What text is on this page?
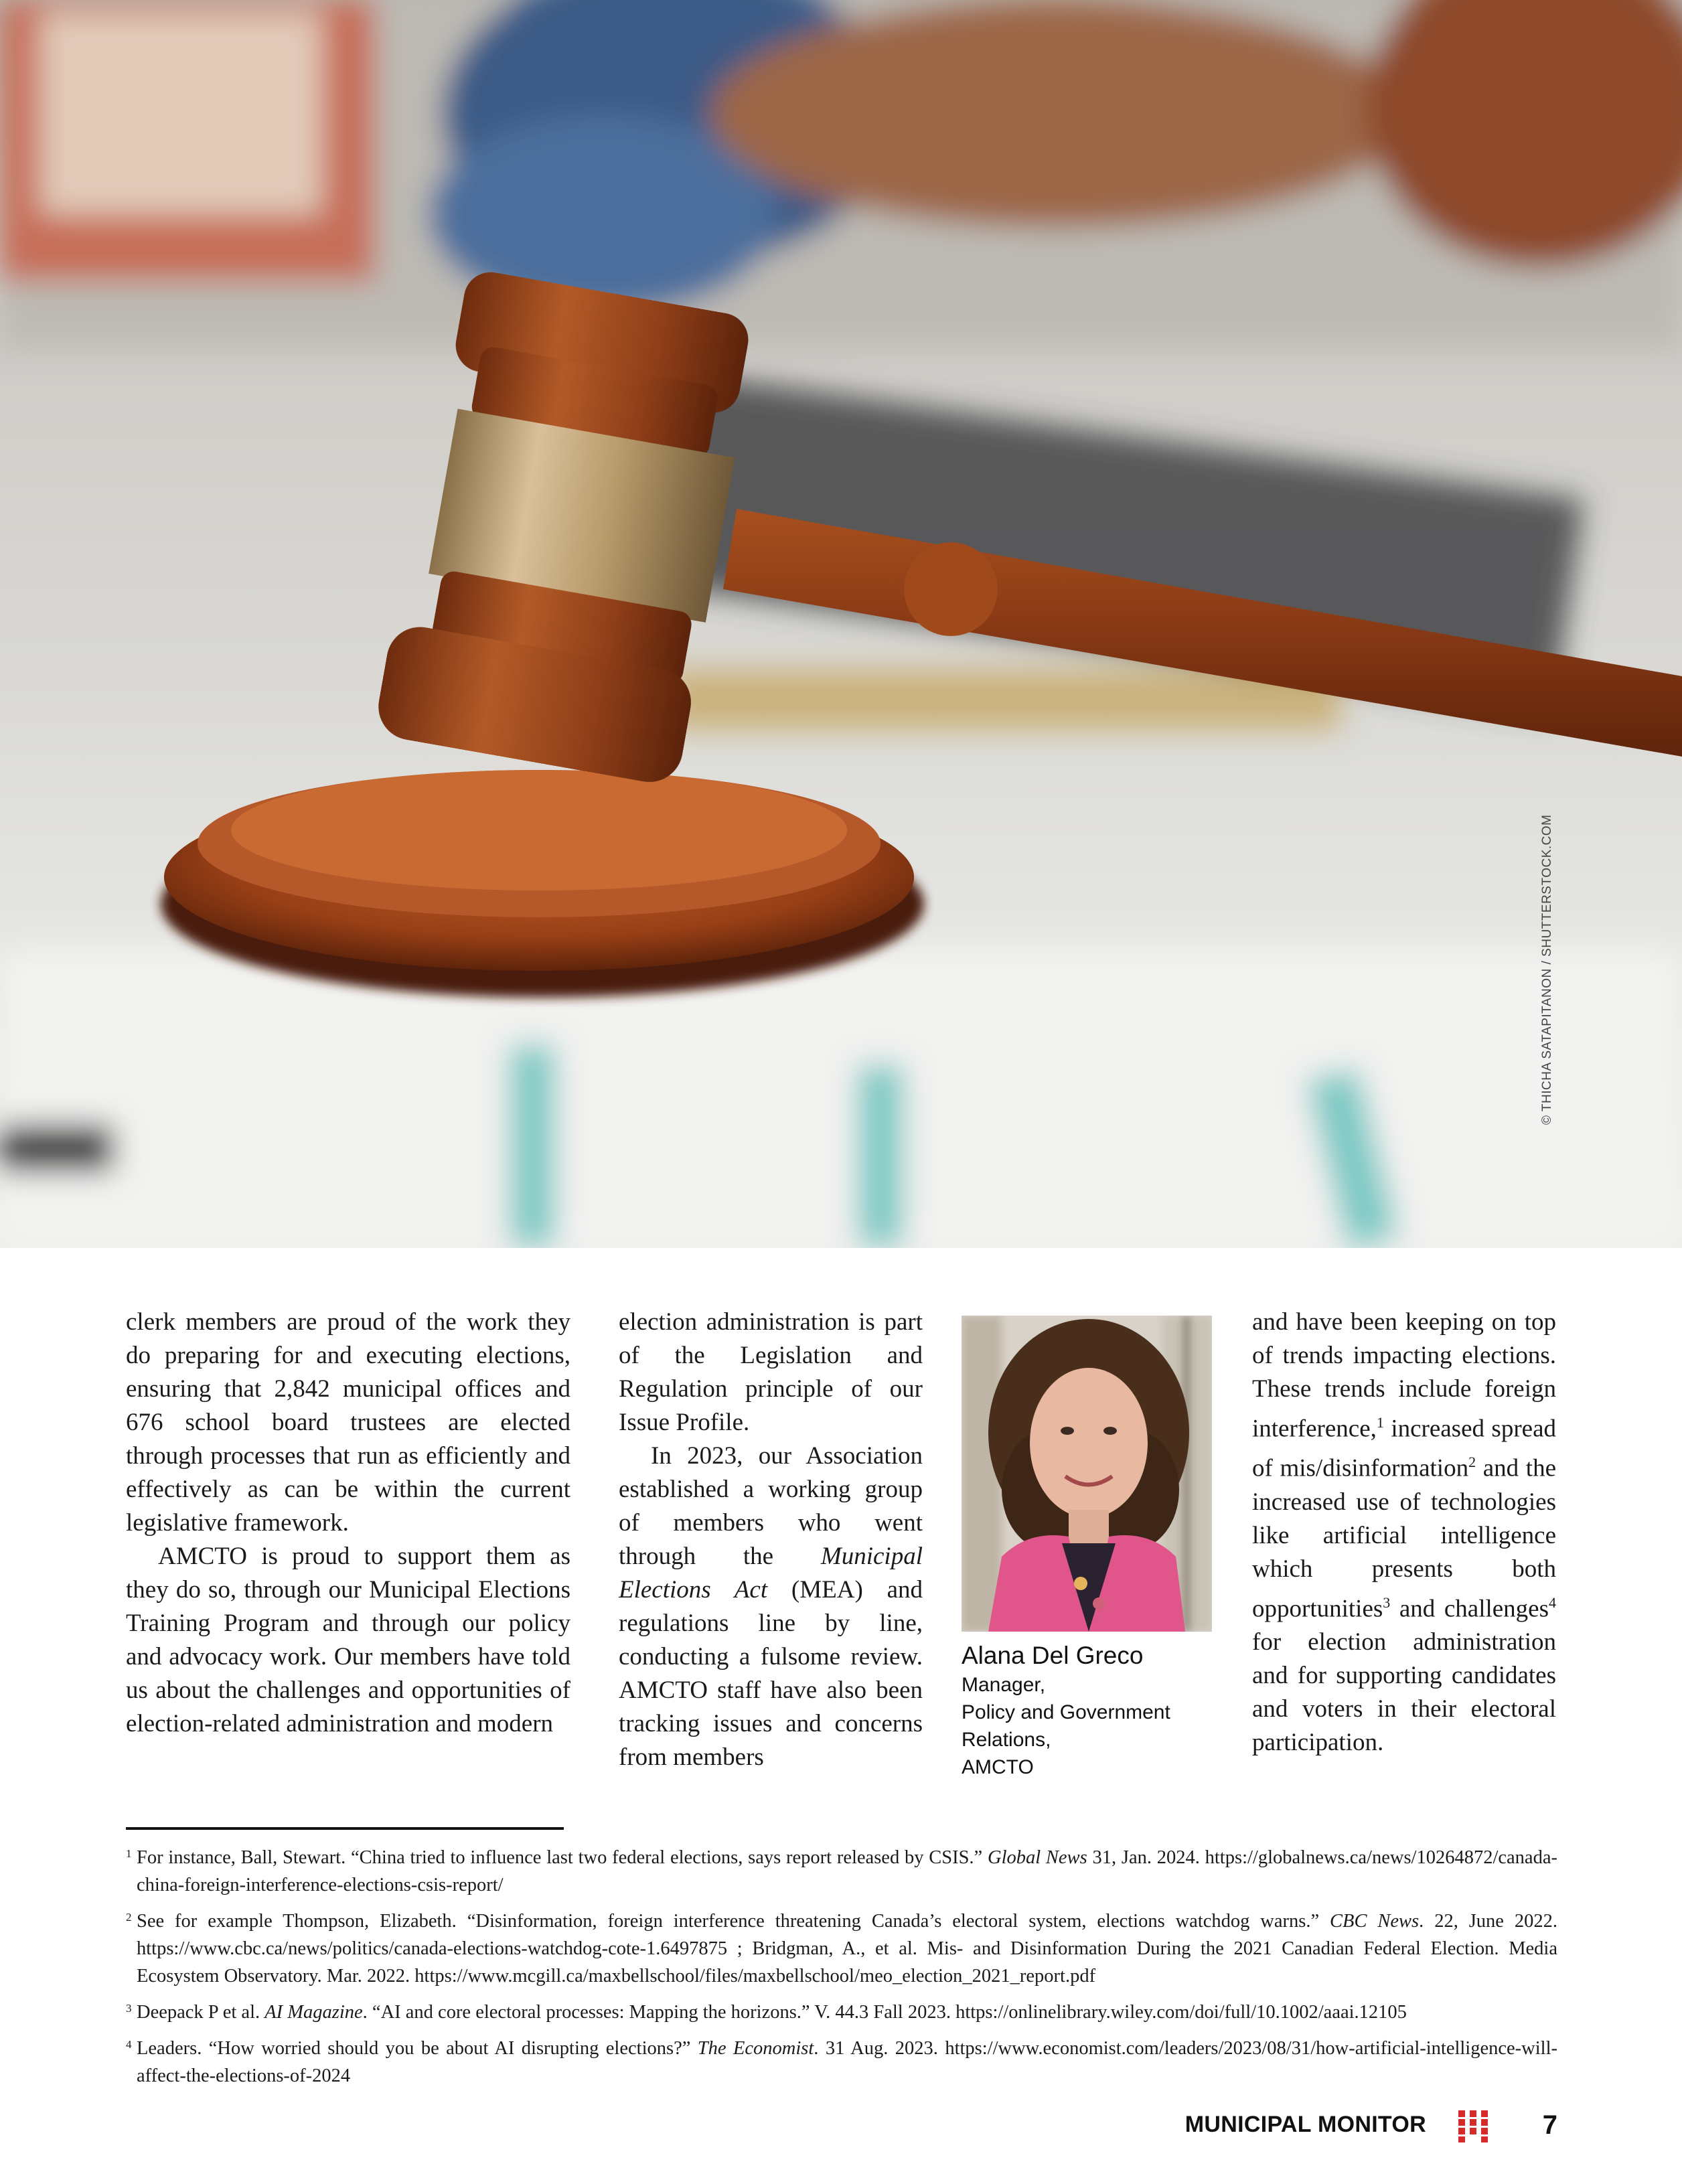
© THICHA SATAPITANON / SHUTTERSTOCK.COM

clerk members are proud of the work they do preparing for and executing elections, ensuring that 2,842 municipal offices and 676 school board trustees are elected through processes that run as efficiently and effectively as can be within the current legislative framework.

AMCTO is proud to support them as they do so, through our Municipal Elections Training Program and through our policy and advocacy work. Our members have told us about the challenges and opportunities of election-related administration and modern

election administration is part of the Legislation and Regulation principle of our Issue Profile.

In 2023, our Association established a working group of members who went through the Municipal Elections Act (MEA) and regulations line by line, conducting a fulsome review. AMCTO staff have also been tracking issues and concerns from members

Alana Del Greco
Manager,
Policy and Government
Relations,
AMCTO

and have been keeping on top of trends impacting elections. These trends include foreign interference,$^1$ increased spread of mis/disinformation$^2$ and the increased use of technologies like artificial intelligence which presents both opportunities$^3$ and challenges$^4$ for election administration and for supporting candidates and voters in their electoral participation.

1 For instance, Ball, Stewart. “China tried to influence last two federal elections, says report released by CSIS.” Global News 31, Jan. 2024. https://globalnews.ca/news/10264872/canada-china-foreign-interference-elections-csis-report/

2 See for example Thompson, Elizabeth. “Disinformation, foreign interference threatening Canada’s electoral system, elections watchdog warns.” CBC News. 22, June 2022. https://www.cbc.ca/news/politics/canada-elections-watchdog-cote-1.6497875 ; Bridgman, A., et al. Mis- and Disinformation During the 2021 Canadian Federal Election. Media Ecosystem Observatory. Mar. 2022. https://www.mcgill.ca/maxbellschool/files/maxbellschool/meo_election_2021_report.pdf

3 Deepack P et al. AI Magazine. “AI and core electoral processes: Mapping the horizons.” V. 44.3 Fall 2023. https://onlinelibrary.wiley.com/doi/full/10.1002/aaai.12105

4 Leaders. “How worried should you be about AI disrupting elections?” The Economist. 31 Aug. 2023. https://www.economist.com/leaders/2023/08/31/how-artificial-intelligence-will-affect-the-elections-of-2024

MUNICIPAL MONITOR	7
